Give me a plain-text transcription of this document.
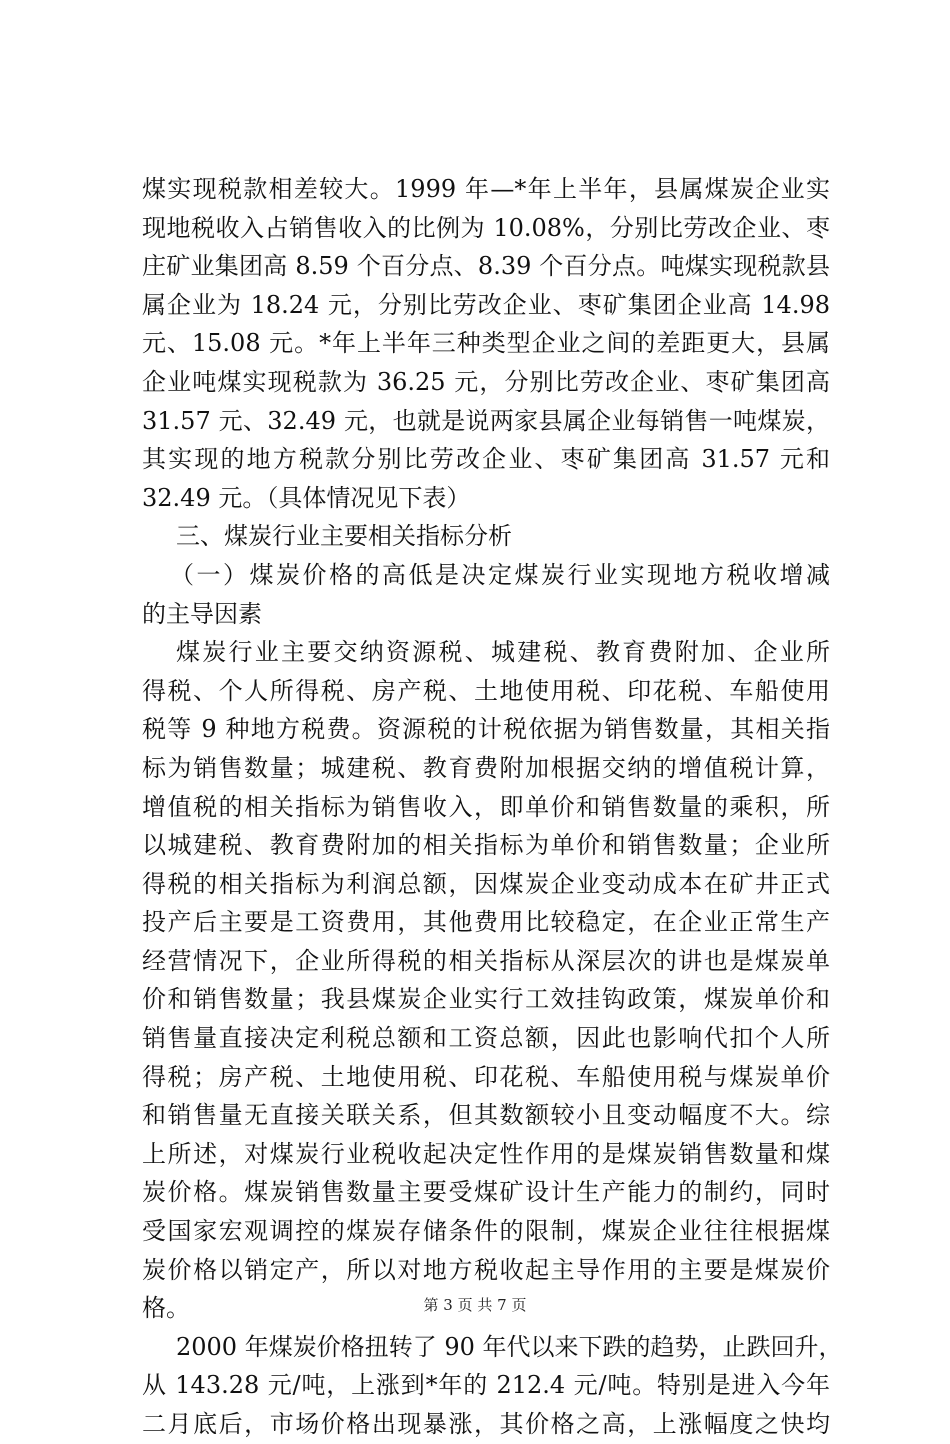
煤实现税款相差较大。1999 年—*年上半年，县属煤炭企业实
现地税收入占销售收入的比例为 10.08%，分别比劳改企业、枣
庄矿业集团高 8.59 个百分点、8.39 个百分点。吨煤实现税款县
属企业为 18.24 元，分别比劳改企业、枣矿集团企业高 14.98
元、15.08 元。*年上半年三种类型企业之间的差距更大，县属
企业吨煤实现税款为 36.25 元，分别比劳改企业、枣矿集团高
31.57 元、32.49 元，也就是说两家县属企业每销售一吨煤炭，
其实现的地方税款分别比劳改企业、枣矿集团高 31.57 元和
32.49 元。（具体情况见下表）
三、煤炭行业主要相关指标分析
（一）煤炭价格的高低是决定煤炭行业实现地方税收增减
的主导因素
煤炭行业主要交纳资源税、城建税、教育费附加、企业所
得税、个人所得税、房产税、土地使用税、印花税、车船使用
税等 9 种地方税费。资源税的计税依据为销售数量，其相关指
标为销售数量；城建税、教育费附加根据交纳的增值税计算，
增值税的相关指标为销售收入，即单价和销售数量的乘积，所
以城建税、教育费附加的相关指标为单价和销售数量；企业所
得税的相关指标为利润总额，因煤炭企业变动成本在矿井正式
投产后主要是工资费用，其他费用比较稳定，在企业正常生产
经营情况下，企业所得税的相关指标从深层次的讲也是煤炭单
价和销售数量；我县煤炭企业实行工效挂钩政策，煤炭单价和
销售量直接决定利税总额和工资总额，因此也影响代扣个人所
得税；房产税、土地使用税、印花税、车船使用税与煤炭单价
和销售量无直接关联关系，但其数额较小且变动幅度不大。综
上所述，对煤炭行业税收起决定性作用的是煤炭销售数量和煤
炭价格。煤炭销售数量主要受煤矿设计生产能力的制约，同时
受国家宏观调控的煤炭存储条件的限制，煤炭企业往往根据煤
炭价格以销定产，所以对地方税收起主导作用的主要是煤炭价
格。
2000 年煤炭价格扭转了 90 年代以来下跌的趋势，止跌回升，
从 143.28 元/吨，上涨到*年的 212.4 元/吨。特别是进入今年
二月底后，市场价格出现暴涨，其价格之高，上涨幅度之快均
第 3 页 共 7 页
